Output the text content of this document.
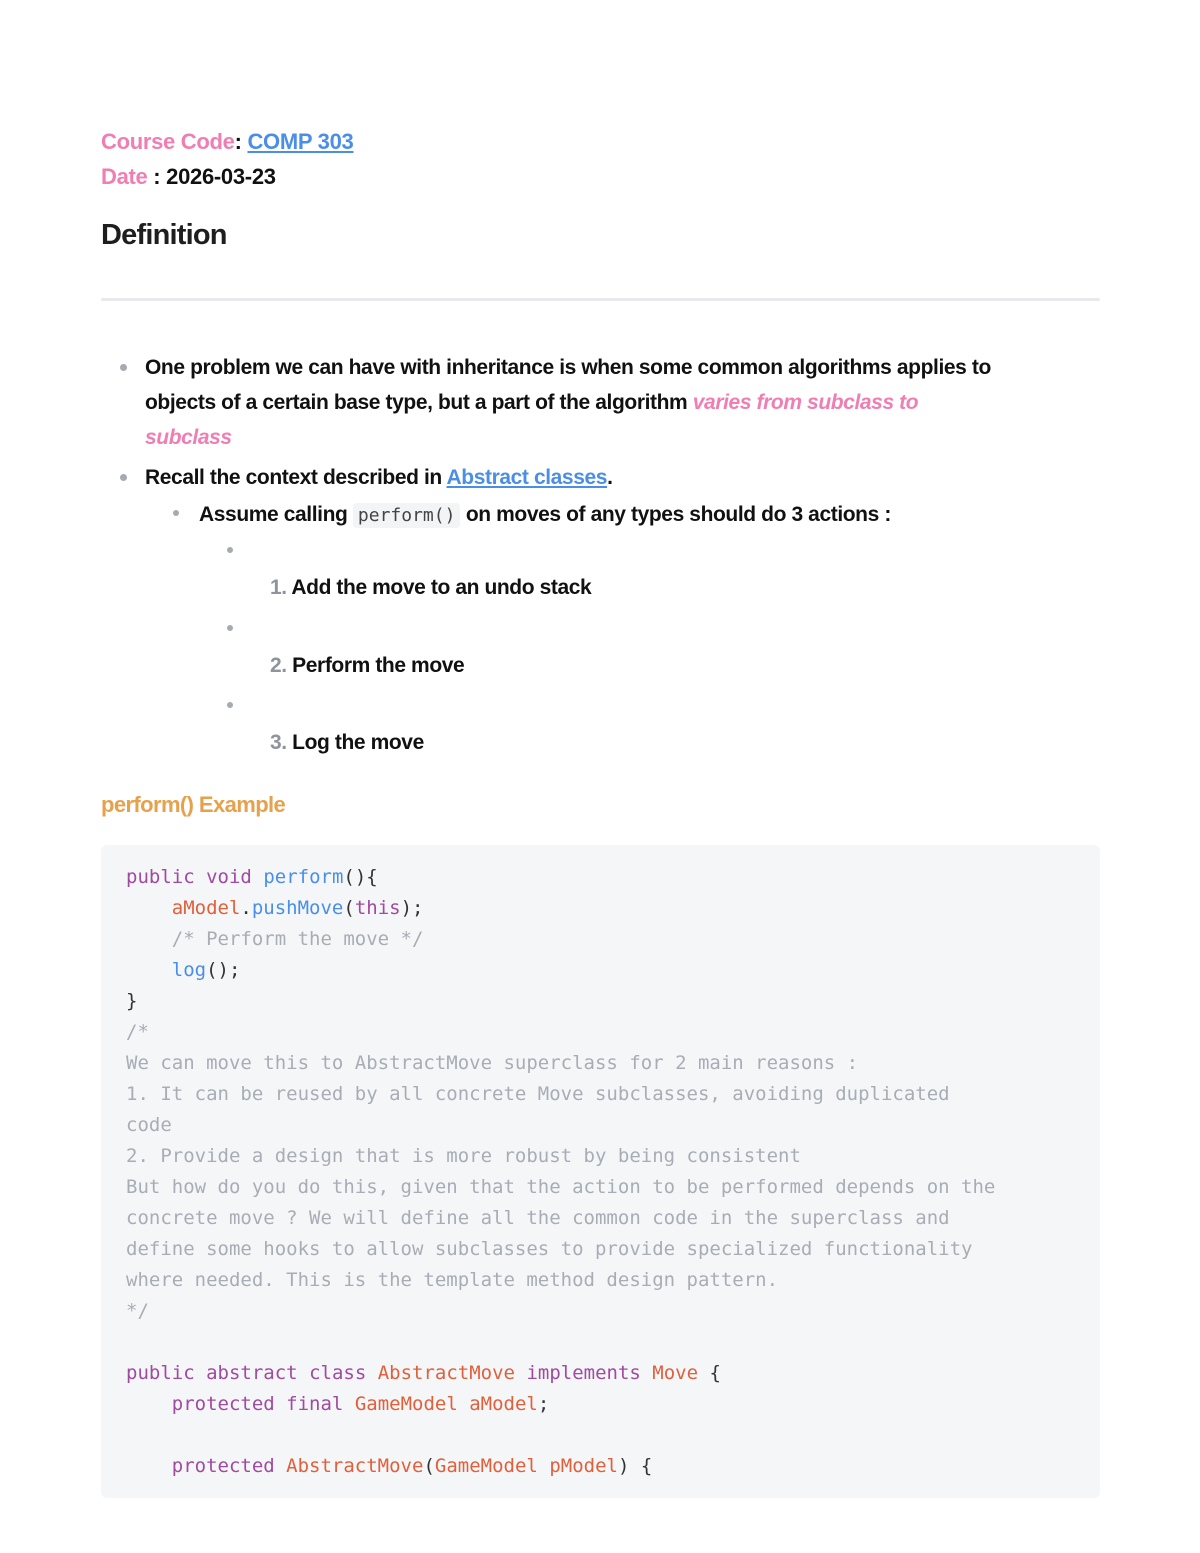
Course Code: COMP 303
Date : 2026-03-23
Definition
One problem we can have with inheritance is when some common algorithms applies to
objects of a certain base type, but a part of the algorithm varies from subclass to
subclass
Recall the context described in Abstract classes.
Assume calling perform() on moves of any types should do 3 actions :
1. Add the move to an undo stack
2. Perform the move
3. Log the move
perform() Example
public void perform(){
aModel.pushMove(this);
/* Perform the move */
log();
}
/*
We can move this to AbstractMove superclass for 2 main reasons :
1. It can be reused by all concrete Move subclasses, avoiding duplicated
code
2. Provide a design that is more robust by being consistent
But how do you do this, given that the action to be performed depends on the
concrete move ? We will define all the common code in the superclass and
define some hooks to allow subclasses to provide specialized functionality
where needed. This is the template method design pattern.
*/

public abstract class AbstractMove implements Move {
protected final GameModel aModel;

protected AbstractMove(GameModel pModel) {
